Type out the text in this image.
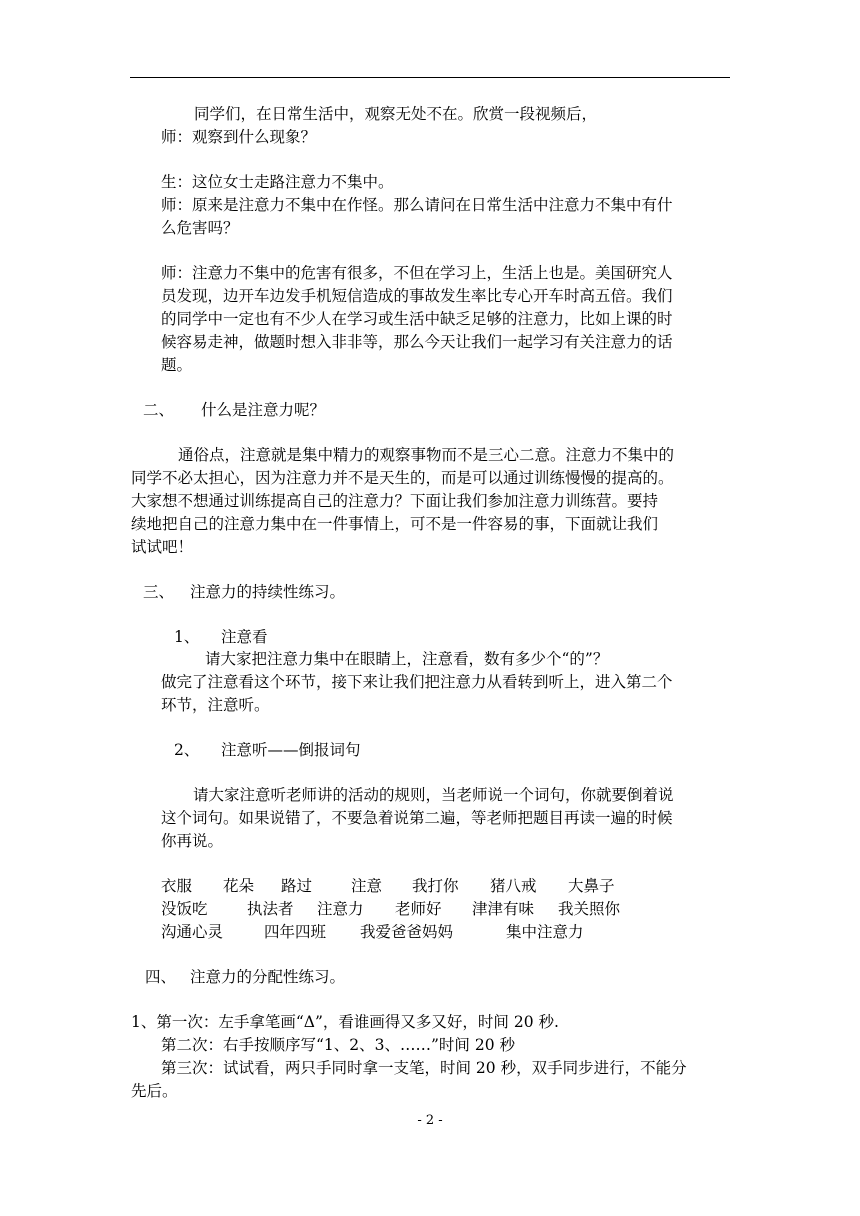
同学们，在日常生活中，观察无处不在。欣赏一段视频后，
师：观察到什么现象？
生：这位女士走路注意力不集中。
师：原来是注意力不集中在作怪。那么请问在日常生活中注意力不集中有什
么危害吗？
师：注意力不集中的危害有很多，不但在学习上，生活上也是。美国研究人
员发现，边开车边发手机短信造成的事故发生率比专心开车时高五倍。我们
的同学中一定也有不少人在学习或生活中缺乏足够的注意力，比如上课的时
候容易走神，做题时想入非非等，那么今天让我们一起学习有关注意力的话
题。
二、 什么是注意力呢？
通俗点，注意就是集中精力的观察事物而不是三心二意。注意力不集中的
同学不必太担心，因为注意力并不是天生的，而是可以通过训练慢慢的提高的。
大家想不想通过训练提高自己的注意力？下面让我们参加注意力训练营。要持
续地把自己的注意力集中在一件事情上，可不是一件容易的事，下面就让我们
试试吧！
三、 注意力的持续性练习。
1、 注意看
请大家把注意力集中在眼睛上，注意看，数有多少个“的”？
做完了注意看这个环节，接下来让我们把注意力从看转到听上，进入第二个
环节，注意听。
2、 注意听——倒报词句
请大家注意听老师讲的活动的规则，当老师说一个词句，你就要倒着说
这个词句。如果说错了，不要急着说第二遍，等老师把题目再读一遍的时候
你再说。
衣服 花朵 路过	注意 我打你 猪八戒 大鼻子
没饭吃	执法者 注意力 老师好 津津有味 我关照你
沟通心灵	四年四班 我爱爸爸妈妈	集中注意力
四、 注意力的分配性练习。
1、第一次：左手拿笔画“Δ”，看谁画得又多又好，时间 20 秒.
第二次：右手按顺序写“1、2、3、……”时间 20 秒
第三次：试试看，两只手同时拿一支笔，时间 20 秒，双手同步进行，不能分
先后。
- 2 -
